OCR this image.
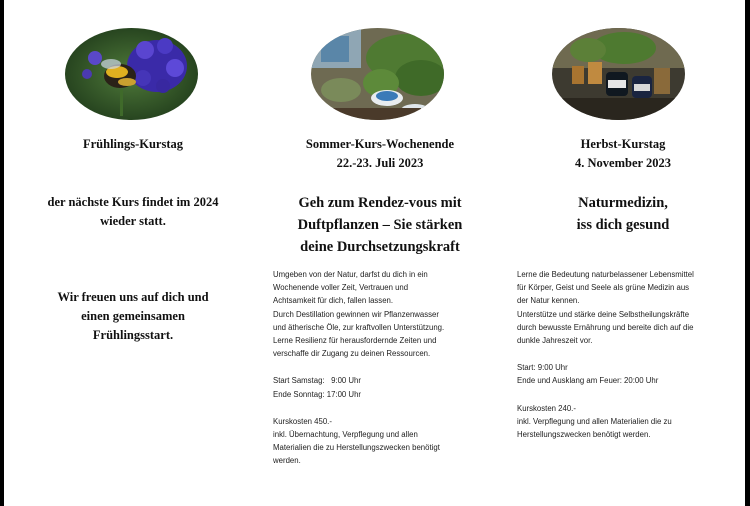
Frühlings-Kurstag
der nächste Kurs findet im 2024
wieder statt.
Wir freuen uns auf dich und
einen gemeinsamen
Frühlingsstart.
Sommer-Kurs-Wochenende
22.-23. Juli 2023
Geh zum Rendez-vous mit
Duftpflanzen – Sie stärken
deine Durchsetzungskraft

Umgeben von der Natur, darfst du dich in ein
Wochenende voller Zeit, Vertrauen und
Achtsamkeit für dich, fallen lassen.
Durch Destillation gewinnen wir Pflanzenwasser
und ätherische Öle, zur kraftvollen Unterstützung.
Lerne Resilienz für herausfordernde Zeiten und
verschaffe dir Zugang zu deinen Ressourcen.

Start Samstag:   9:00 Uhr
Ende Sonntag: 17:00 Uhr

Kurskosten 450.-
inkl. Übernachtung, Verpflegung und allen
Materialien die zu Herstellungszwecken benötigt
werden.

Herbst-Kurstag
4. November 2023
Naturmedizin,
iss dich gesund

Lerne die Bedeutung naturbelassener Lebensmittel
für Körper, Geist und Seele als grüne Medizin aus
der Natur kennen.
Unterstütze und stärke deine Selbstheilungskräfte
durch bewusste Ernährung und bereite dich auf die
dunkle Jahreszeit vor.

Start: 9:00 Uhr
Ende und Ausklang am Feuer: 20:00 Uhr

Kurskosten 240.-
inkl. Verpflegung und allen Materialien die zu
Herstellungszwecken benötigt werden.
